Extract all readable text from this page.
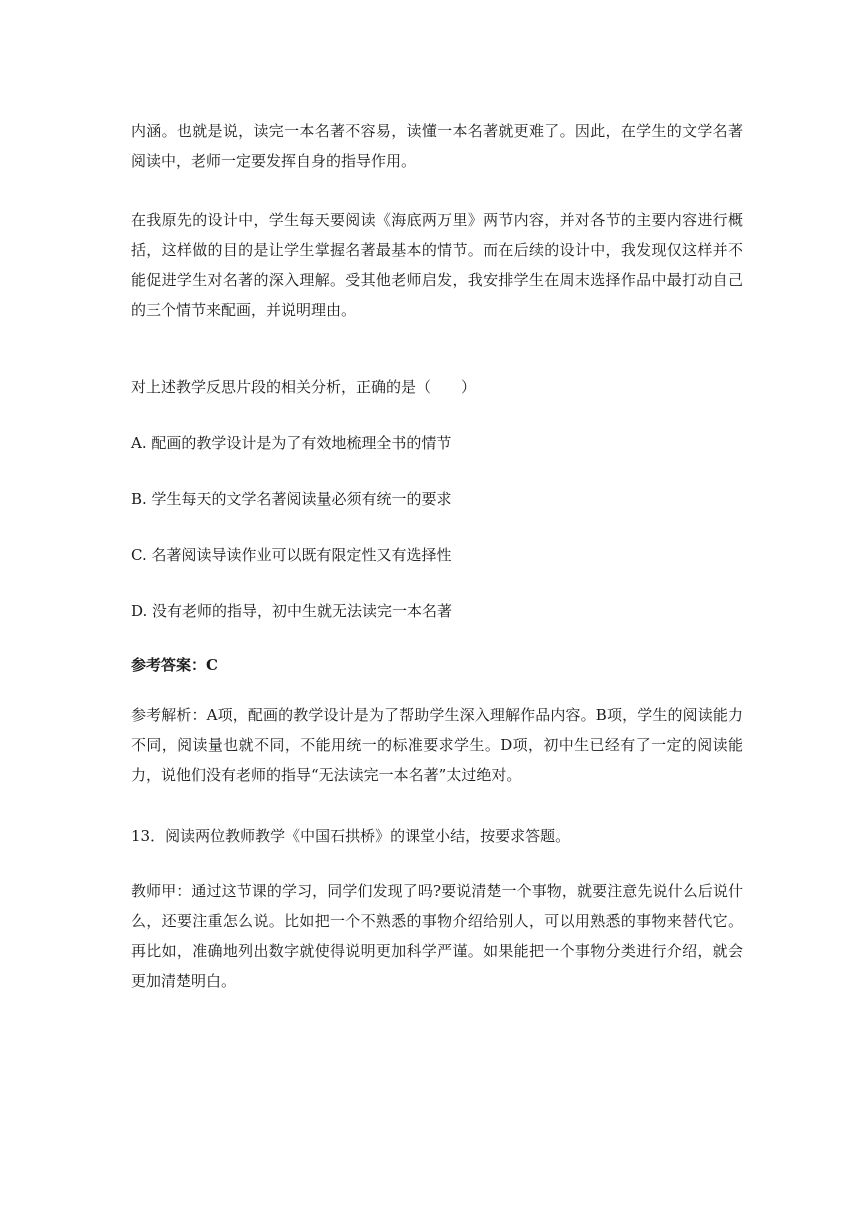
内涵。也就是说，读完一本名著不容易，读懂一本名著就更难了。因此，在学生的文学名著阅读中，老师一定要发挥自身的指导作用。

在我原先的设计中，学生每天要阅读《海底两万里》两节内容，并对各节的主要内容进行概括，这样做的目的是让学生掌握名著最基本的情节。而在后续的设计中，我发现仅这样并不能促进学生对名著的深入理解。受其他老师启发，我安排学生在周末选择作品中最打动自己的三个情节来配画，并说明理由。

对上述教学反思片段的相关分析，正确的是（　　）

A. 配画的教学设计是为了有效地梳理全书的情节

B. 学生每天的文学名著阅读量必须有统一的要求

C. 名著阅读导读作业可以既有限定性又有选择性

D. 没有老师的指导，初中生就无法读完一本名著

参考答案：C

参考解析：A项，配画的教学设计是为了帮助学生深入理解作品内容。B项，学生的阅读能力不同，阅读量也就不同，不能用统一的标准要求学生。D项，初中生已经有了一定的阅读能力，说他们没有老师的指导“无法读完一本名著”太过绝对。

13．阅读两位教师教学《中国石拱桥》的课堂小结，按要求答题。

教师甲：通过这节课的学习，同学们发现了吗?要说清楚一个事物，就要注意先说什么后说什么，还要注重怎么说。比如把一个不熟悉的事物介绍给别人，可以用熟悉的事物来替代它。再比如，准确地列出数字就使得说明更加科学严谨。如果能把一个事物分类进行介绍，就会更加清楚明白。
